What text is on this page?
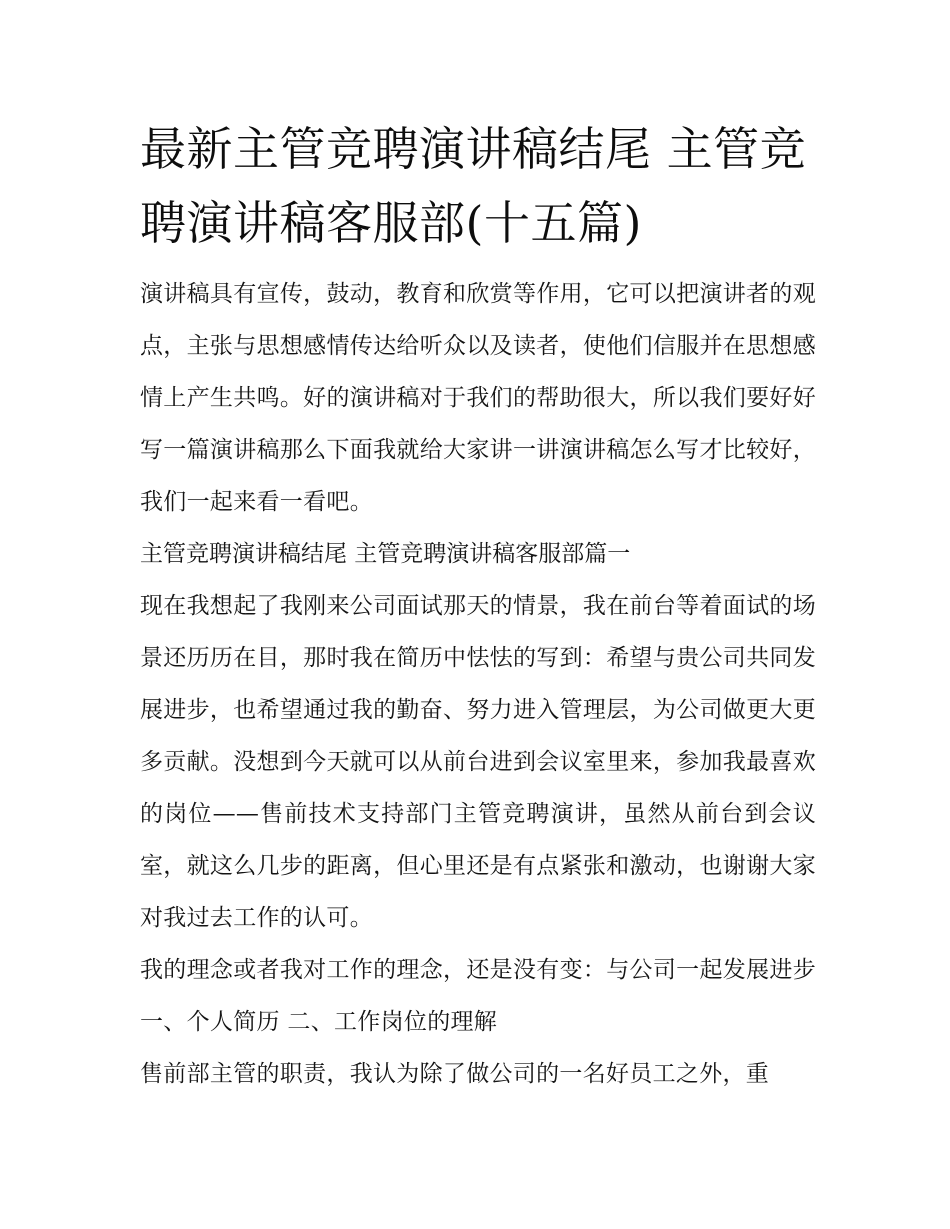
最新主管竞聘演讲稿结尾 主管竞聘演讲稿客服部(十五篇)

演讲稿具有宣传，鼓动，教育和欣赏等作用，它可以把演讲者的观点，主张与思想感情传达给听众以及读者，使他们信服并在思想感情上产生共鸣。好的演讲稿对于我们的帮助很大，所以我们要好好写一篇演讲稿那么下面我就给大家讲一讲演讲稿怎么写才比较好，我们一起来看一看吧。

主管竞聘演讲稿结尾 主管竞聘演讲稿客服部篇一

现在我想起了我刚来公司面试那天的情景，我在前台等着面试的场景还历历在目，那时我在简历中怯怯的写到：希望与贵公司共同发展进步，也希望通过我的勤奋、努力进入管理层，为公司做更大更多贡献。没想到今天就可以从前台进到会议室里来，参加我最喜欢的岗位——售前技术支持部门主管竞聘演讲，虽然从前台到会议室，就这么几步的距离，但心里还是有点紧张和激动，也谢谢大家对我过去工作的认可。

我的理念或者我对工作的理念，还是没有变：与公司一起发展进步 一、个人简历 二、工作岗位的理解

售前部主管的职责，我认为除了做公司的一名好员工之外，重
